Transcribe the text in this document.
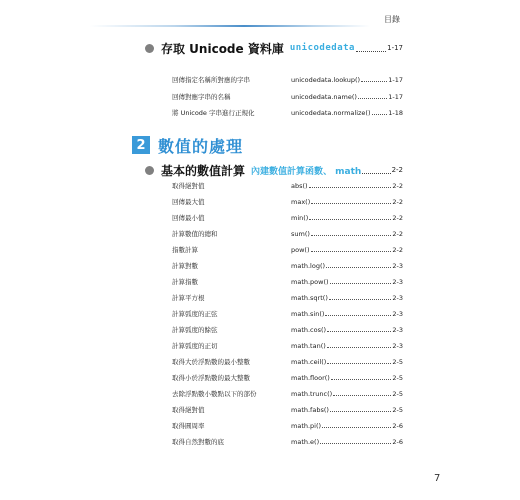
目錄
存取 Unicode 資料庫 unicodedata	1-17
回傳指定名稱所對應的字串	unicodedata.lookup()	1-17
回傳對應字串的名稱	unicodedata.name()	1-17
將 Unicode 字串進行正規化	unicodedata.normalize()	1-18
2 數值的處理
基本的數值計算 內建數值計算函數、 math	2-2
取得絕對值	abs()	2-2
回傳最大值	max()	2-2
回傳最小值	min()	2-2
計算數值的總和	sum()	2-2
指數計算	pow()	2-2
計算對數	math.log()	2-3
計算指數	math.pow()	2-3
計算平方根	math.sqrt()	2-3
計算弧度的正弦	math.sin()	2-3
計算弧度的餘弦	math.cos()	2-3
計算弧度的正切	math.tan()	2-3
取得大於浮點數的最小整數	math.ceil()	2-5
取得小於浮點數的最大整數	math.floor()	2-5
去除浮點數小數點以下的部份	math.trunc()	2-5
取得絕對值	math.fabs()	2-5
取得圓周率	math.pi()	2-6
取得自然對數的底	math.e()	2-6
7
